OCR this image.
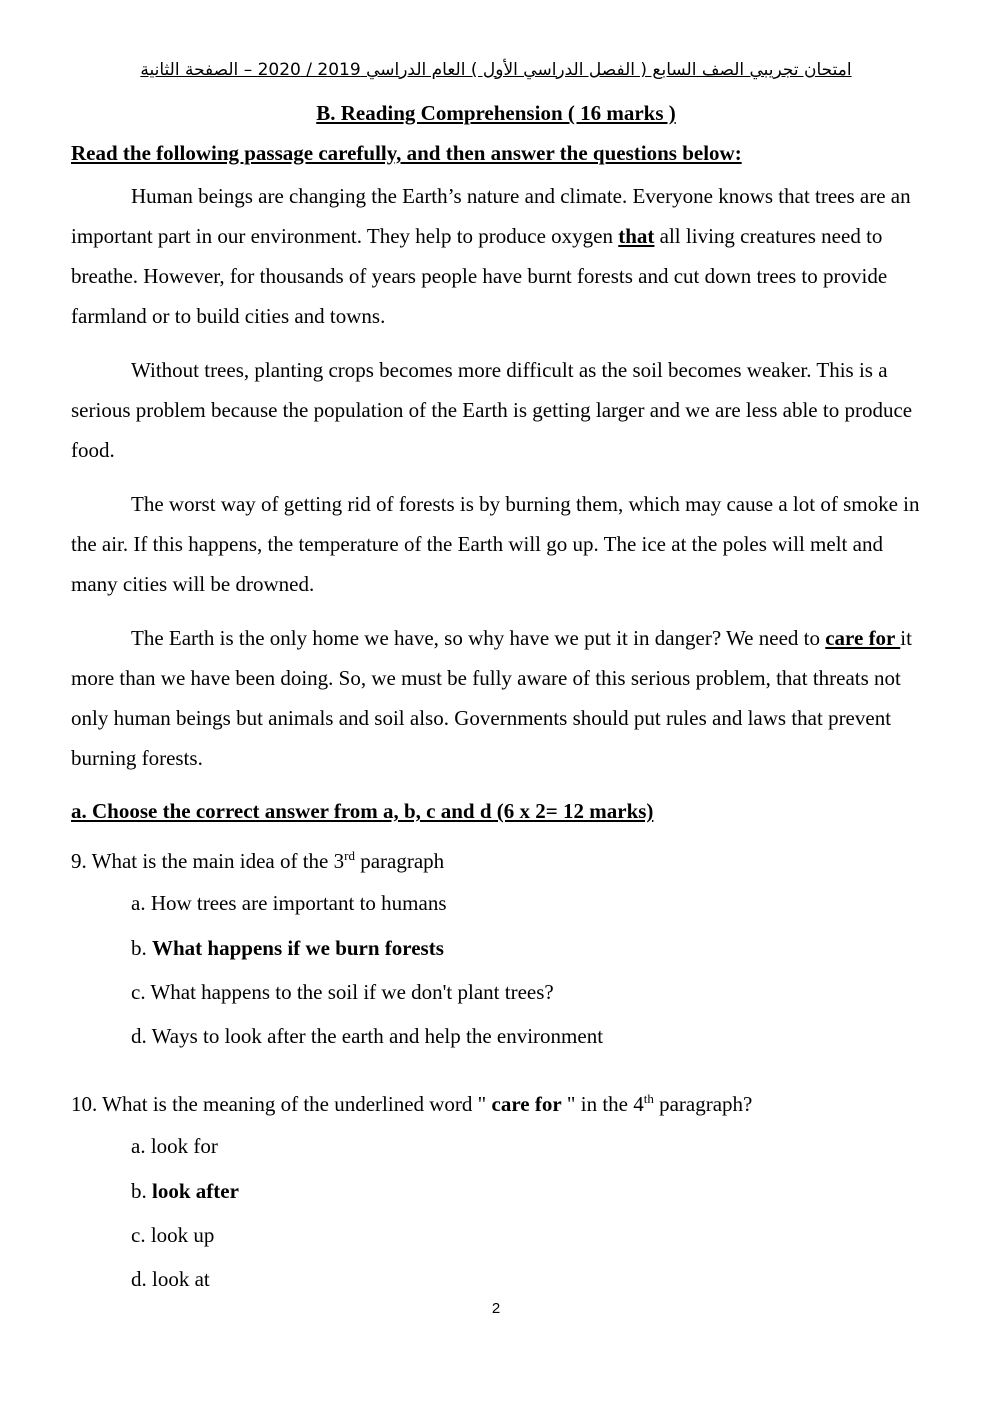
امتحان تجريبي الصف السابع ( الفصل الدراسي الأول ) العام الدراسي 2019 / 2020 – الصفحة الثانية
B. Reading Comprehension ( 16 marks )
Read the following passage carefully, and then answer the questions below:
Human beings are changing the Earth’s nature and climate. Everyone knows that trees are an important part in our environment. They help to produce oxygen that all living creatures need to breathe. However, for thousands of years people have burnt forests and cut down trees to provide farmland or to build cities and towns.
Without trees, planting crops becomes more difficult as the soil becomes weaker. This is a serious problem because the population of the Earth is getting larger and we are less able to produce food.
The worst way of getting rid of forests is by burning them, which may cause a lot of smoke in the air. If this happens, the temperature of the Earth will go up. The ice at the poles will melt and many cities will be drowned.
The Earth is the only home we have, so why have we put it in danger? We need to care for it more than we have been doing. So, we must be fully aware of this serious problem, that threats not only human beings but animals and soil also. Governments should put rules and laws that prevent burning forests.
a. Choose the correct answer from a, b, c and d (6 x 2= 12 marks)
9. What is the main idea of the 3rd paragraph
a. How trees are important to humans
b. What happens if we burn forests
c. What happens to the soil if we don't plant trees?
d. Ways to look after the earth and help the environment
10. What is the meaning of the underlined word " care for " in the 4th paragraph?
a. look for
b. look after
c. look up
d. look at
2
